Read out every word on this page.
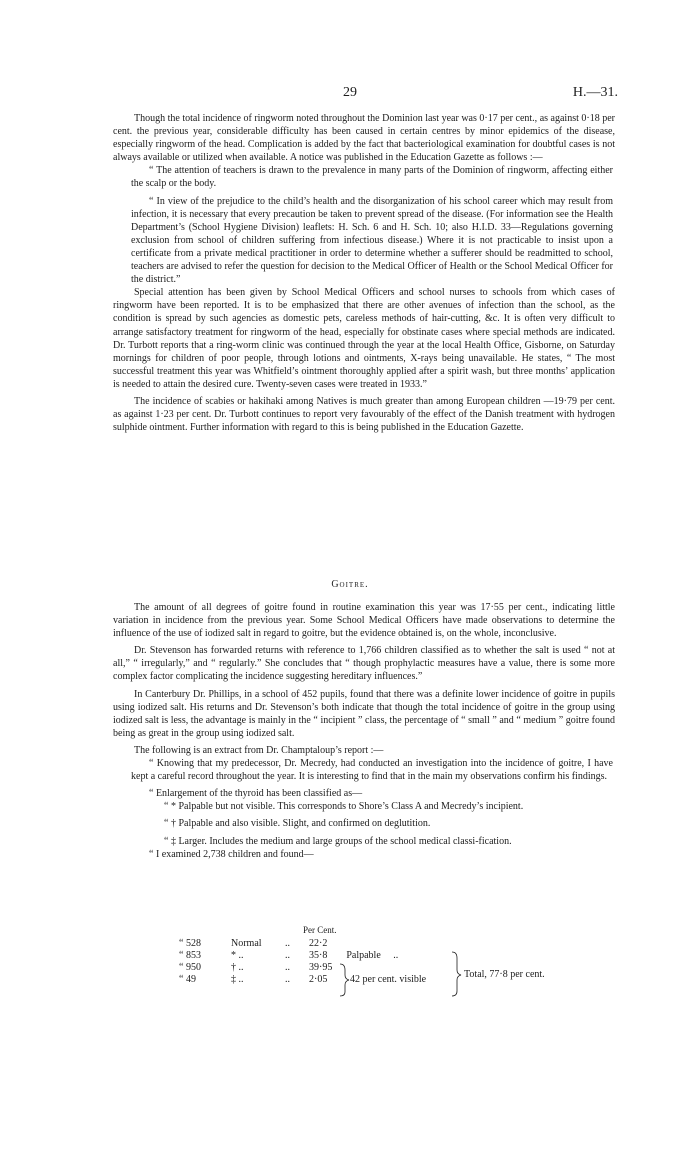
29	H.—31.

Though the total incidence of ringworm noted throughout the Dominion last year was 0·17 per cent., as against 0·18 per cent. the previous year, considerable difficulty has been caused in certain centres by minor epidemics of the disease, especially ringworm of the head. Complication is added by the fact that bacteriological examination for doubtful cases is not always available or utilized when available. A notice was published in the Education Gazette as follows :—

“ The attention of teachers is drawn to the prevalence in many parts of the Dominion of ringworm, affecting either the scalp or the body.

“ In view of the prejudice to the child’s health and the disorganization of his school career which may result from infection, it is necessary that every precaution be taken to prevent spread of the disease. (For information see the Health Department’s (School Hygiene Division) leaflets: H. Sch. 6 and H. Sch. 10; also H.I.D. 33—Regulations governing exclusion from school of children suffering from infectious disease.) Where it is not practicable to insist upon a certificate from a private medical practitioner in order to determine whether a sufferer should be readmitted to school, teachers are advised to refer the question for decision to the Medical Officer of Health or the School Medical Officer for the district.”

Special attention has been given by School Medical Officers and school nurses to schools from which cases of ringworm have been reported. It is to be emphasized that there are other avenues of infection than the school, as the condition is spread by such agencies as domestic pets, careless methods of hair-cutting, &c. It is often very difficult to arrange satisfactory treatment for ringworm of the head, especially for obstinate cases where special methods are indicated. Dr. Turbott reports that a ring-worm clinic was continued through the year at the local Health Office, Gisborne, on Saturday mornings for children of poor people, through lotions and ointments, X-rays being unavailable. He states, “ The most successful treatment this year was Whitfield’s ointment thoroughly applied after a spirit wash, but three months’ application is needed to attain the desired cure. Twenty-seven cases were treated in 1933.”

The incidence of scabies or hakihaki among Natives is much greater than among European children —19·79 per cent. as against 1·23 per cent. Dr. Turbott continues to report very favourably of the effect of the Danish treatment with hydrogen sulphide ointment. Further information with regard to this is being published in the Education Gazette.

Goitre.

The amount of all degrees of goitre found in routine examination this year was 17·55 per cent., indicating little variation in incidence from the previous year. Some School Medical Officers have made observations to determine the influence of the use of iodized salt in regard to goitre, but the evidence obtained is, on the whole, inconclusive.

Dr. Stevenson has forwarded returns with reference to 1,766 children classified as to whether the salt is used “ not at all,” “ irregularly,” and “ regularly.” She concludes that “ though prophylactic measures have a value, there is some more complex factor complicating the incidence suggesting hereditary influences.”

In Canterbury Dr. Phillips, in a school of 452 pupils, found that there was a definite lower incidence of goitre in pupils using iodized salt. His returns and Dr. Stevenson’s both indicate that though the total incidence of goitre in the group using iodized salt is less, the advantage is mainly in the “ incipient ” class, the percentage of “ small ” and “ medium ” goitre found being as great in the group using iodized salt.

The following is an extract from Dr. Champtaloup’s report :—

“ Knowing that my predecessor, Dr. Mecredy, had conducted an investigation into the incidence of goitre, I have kept a careful record throughout the year. It is interesting to find that in the main my observations confirm his findings.

“ Enlargement of the thyroid has been classified as—

“ * Palpable but not visible. This corresponds to Shore’s Class A and Mecredy’s incipient.

“ † Palpable and also visible. Slight, and confirmed on deglutition.

“ ‡ Larger. Includes the medium and large groups of the school medical classi-fication.

“ I examined 2,738 children and found—

Per Cent.
“ 528	Normal	..	22·2	
“ 853	* ..	..	35·8	Palpable ..
“ 950	† ..	..	39·95	
“ 49	‡ ..	..	2·05	42 per cent. visible	Total, 77·8 per cent.
